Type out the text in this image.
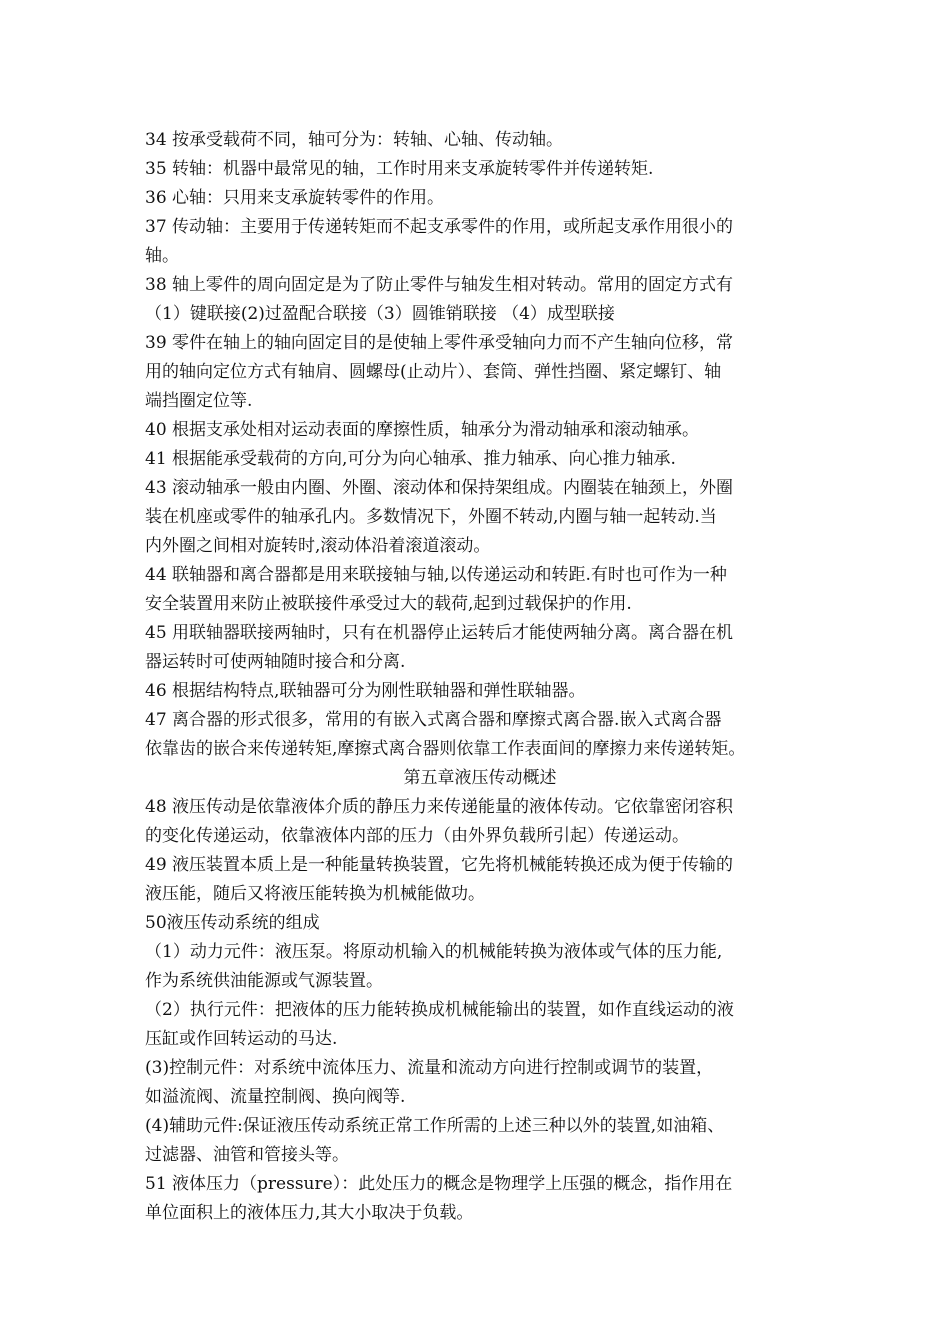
34 按承受载荷不同，轴可分为：转轴、心轴、传动轴。
35 转轴：机器中最常见的轴，工作时用来支承旋转零件并传递转矩.
36 心轴：只用来支承旋转零件的作用。
37 传动轴：主要用于传递转矩而不起支承零件的作用，或所起支承作用很小的
轴。
38 轴上零件的周向固定是为了防止零件与轴发生相对转动。常用的固定方式有
（1）键联接(2)过盈配合联接（3）圆锥销联接 （4）成型联接
39 零件在轴上的轴向固定目的是使轴上零件承受轴向力而不产生轴向位移，常
用的轴向定位方式有轴肩、圆螺母(止动片）、套筒、弹性挡圈、紧定螺钉、轴
端挡圈定位等.
40 根据支承处相对运动表面的摩擦性质，轴承分为滑动轴承和滚动轴承。
41 根据能承受载荷的方向,可分为向心轴承、推力轴承、向心推力轴承.
43 滚动轴承一般由内圈、外圈、滚动体和保持架组成。内圈装在轴颈上，外圈
装在机座或零件的轴承孔内。多数情况下，外圈不转动,内圈与轴一起转动.当
内外圈之间相对旋转时,滚动体沿着滚道滚动。
44 联轴器和离合器都是用来联接轴与轴,以传递运动和转距.有时也可作为一种
安全装置用来防止被联接件承受过大的载荷,起到过载保护的作用.
45 用联轴器联接两轴时，只有在机器停止运转后才能使两轴分离。离合器在机
器运转时可使两轴随时接合和分离.
46 根据结构特点,联轴器可分为刚性联轴器和弹性联轴器。
47 离合器的形式很多，常用的有嵌入式离合器和摩擦式离合器.嵌入式离合器
依靠齿的嵌合来传递转矩,摩擦式离合器则依靠工作表面间的摩擦力来传递转矩。
第五章液压传动概述
48 液压传动是依靠液体介质的静压力来传递能量的液体传动。它依靠密闭容积
的变化传递运动，依靠液体内部的压力（由外界负载所引起）传递运动。
49 液压装置本质上是一种能量转换装置，它先将机械能转换还成为便于传输的
液压能，随后又将液压能转换为机械能做功。
50液压传动系统的组成
（1）动力元件：液压泵。将原动机输入的机械能转换为液体或气体的压力能,
作为系统供油能源或气源装置。
（2）执行元件：把液体的压力能转换成机械能输出的装置，如作直线运动的液
压缸或作回转运动的马达.
(3)控制元件：对系统中流体压力、流量和流动方向进行控制或调节的装置，
如溢流阀、流量控制阀、换向阀等.
(4)辅助元件:保证液压传动系统正常工作所需的上述三种以外的装置,如油箱、
过滤器、油管和管接头等。
51 液体压力（pressure）：此处压力的概念是物理学上压强的概念，指作用在
单位面积上的液体压力,其大小取决于负载。
